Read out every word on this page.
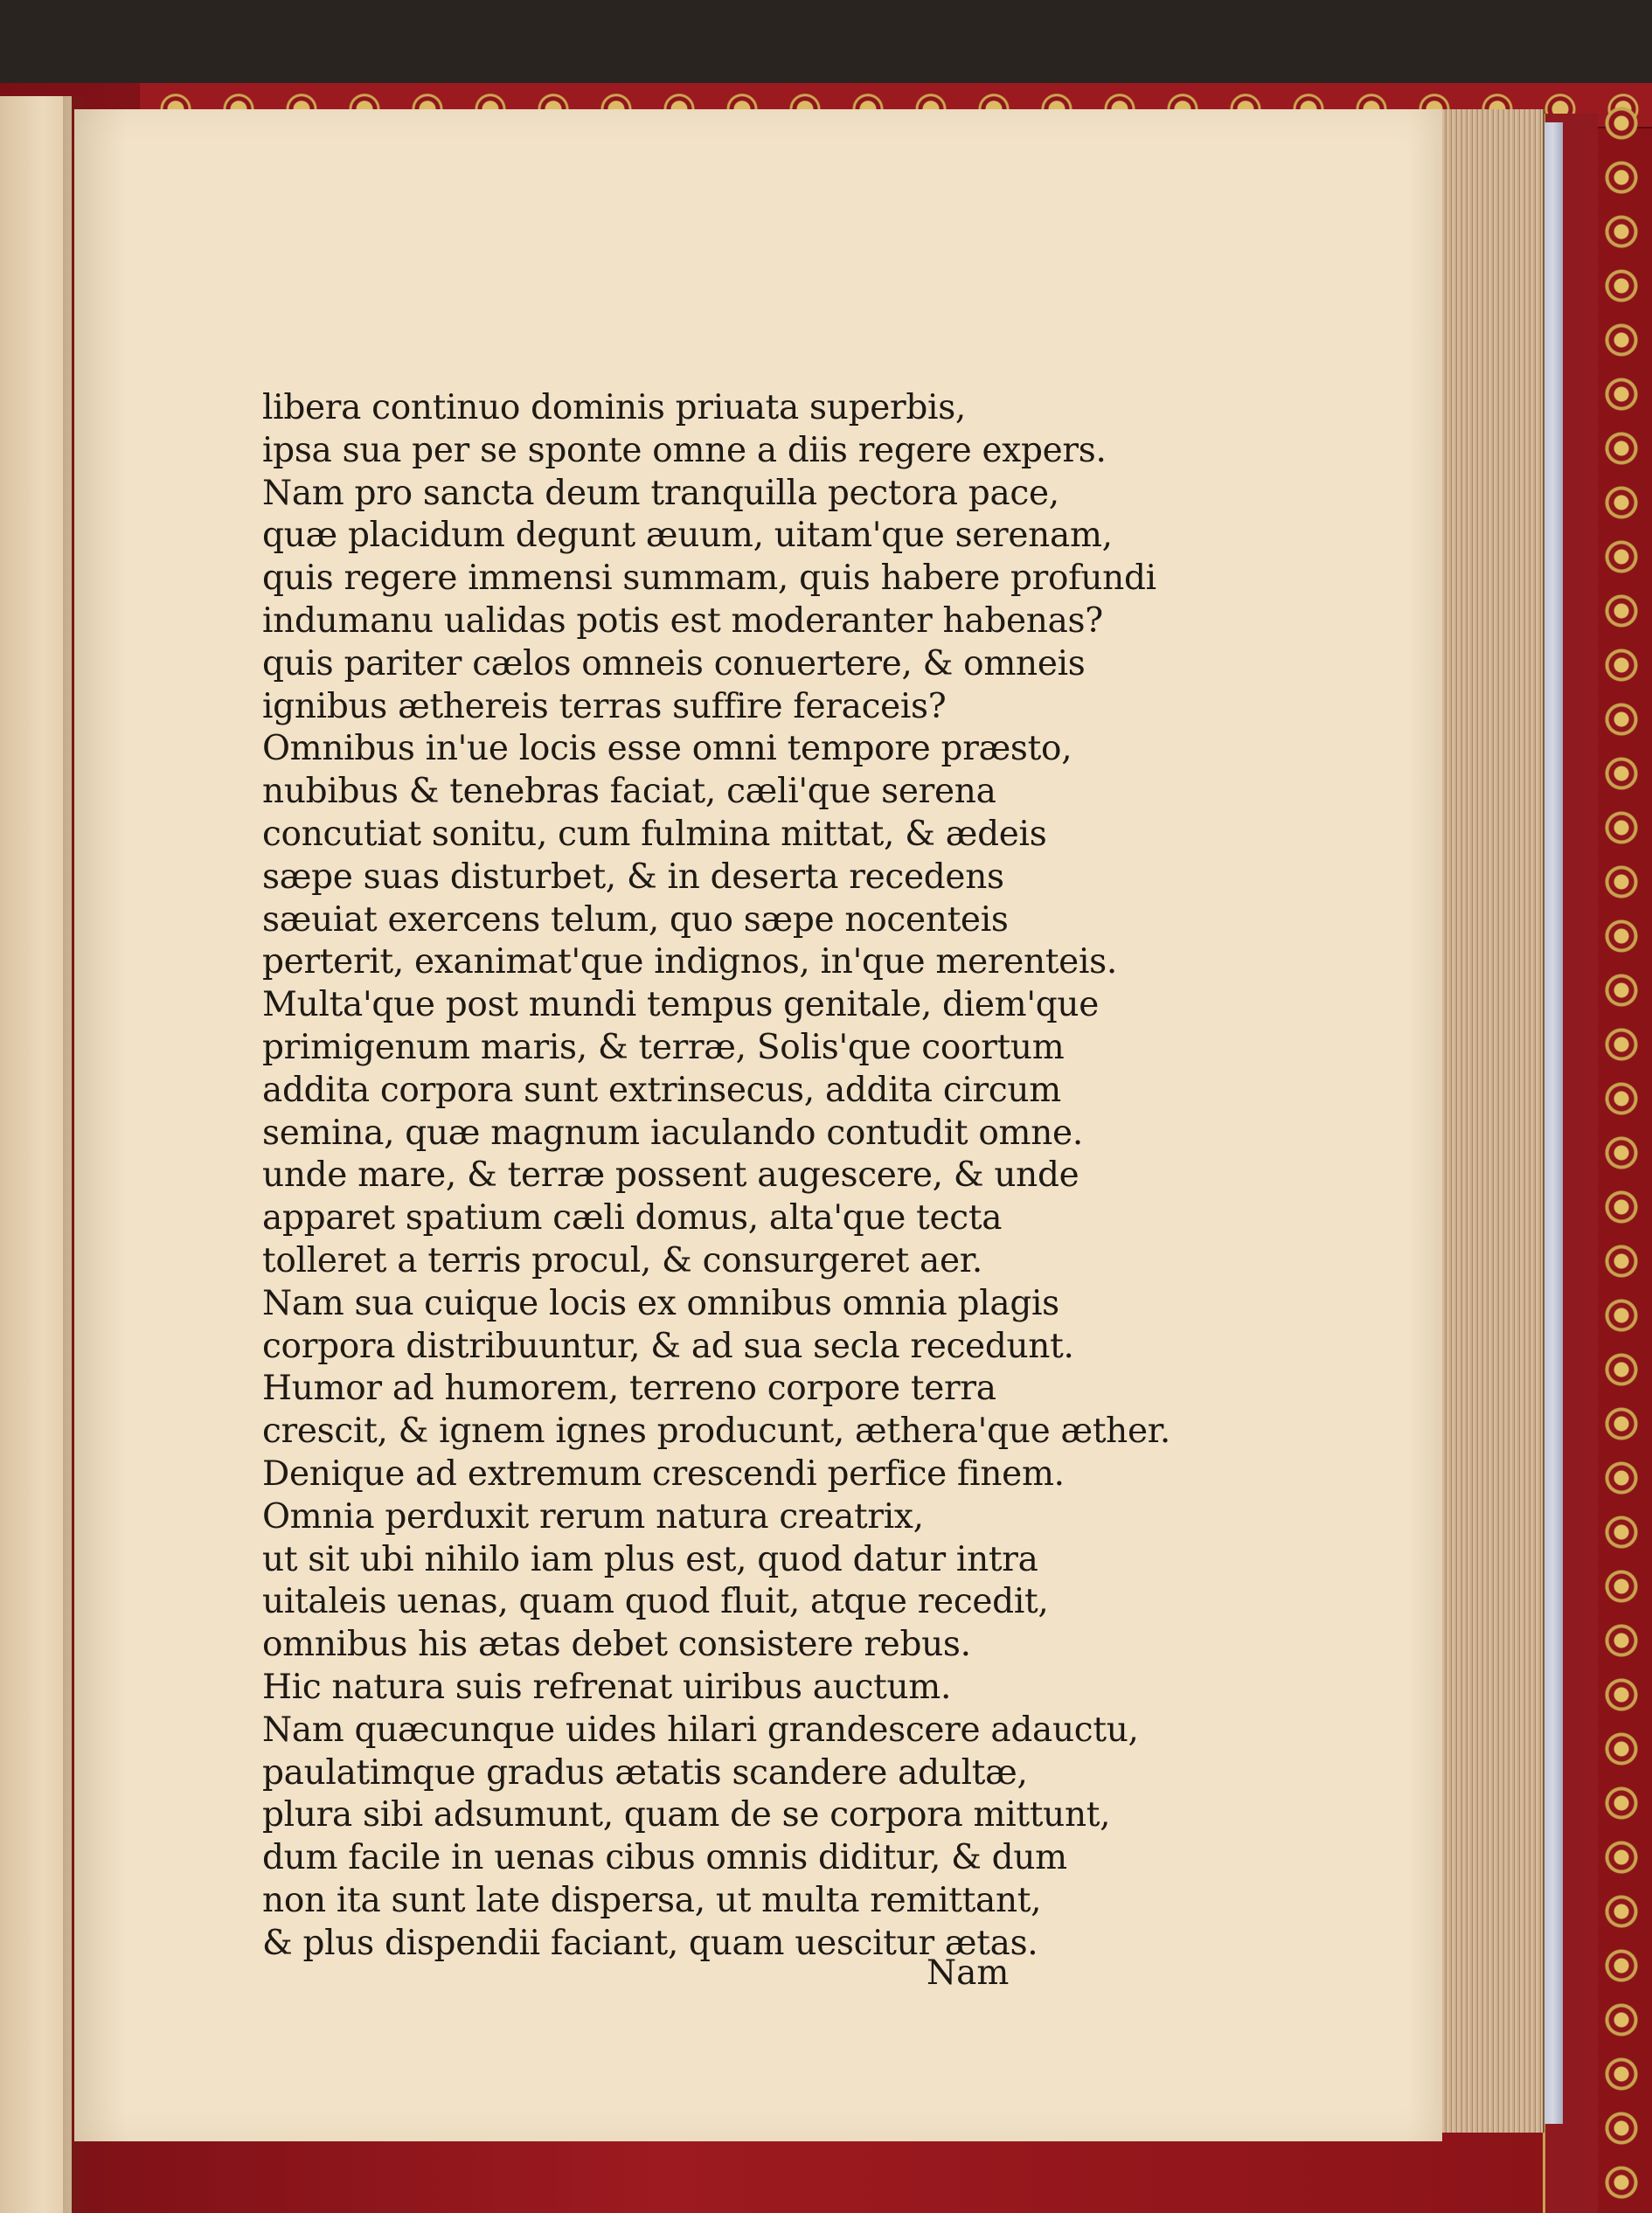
libera continuo dominis priuata superbis,
ipsa sua per se sponte omne a diis regere expers.
Nam pro sancta deum tranquilla pectora pace,
quæ placidum degunt æuum, uitam'que serenam,
quis regere immensi summam, quis habere profundi
indumanu ualidas potis est moderanter habenas?
quis pariter cælos omneis conuertere, & omneis
ignibus æthereis terras suffire feraceis?
Omnibus in'ue locis esse omni tempore præsto,
nubibus & tenebras faciat, cæli'que serena
concutiat sonitu, cum fulmina mittat, & ædeis
sæpe suas disturbet, & in deserta recedens
sæuiat exercens telum, quo sæpe nocenteis
perterit, exanimat'que indignos, in'que merenteis.
Multa'que post mundi tempus genitale, diem'que
primigenum maris, & terræ, Solis'que coortum
addita corpora sunt extrinsecus, addita circum
semina, quæ magnum iaculando contudit omne.
unde mare, & terræ possent augescere, & unde
apparet spatium cæli domus, alta'que tecta
tolleret a terris procul, & consurgeret aer.
Nam sua cuique locis ex omnibus omnia plagis
corpora distribuuntur, & ad sua secla recedunt.
Humor ad humorem, terreno corpore terra
crescit, & ignem ignes producunt, æthera'que æther.
Denique ad extremum crescendi perfice finem.
Omnia perduxit rerum natura creatrix,
ut sit ubi nihilo iam plus est, quod datur intra
uitaleis uenas, quam quod fluit, atque recedit,
omnibus his ætas debet consistere rebus.
Hic natura suis refrenat uiribus auctum.
Nam quæcunque uides hilari grandescere adauctu,
paulatimque gradus ætatis scandere adultæ,
plura sibi adsumunt, quam de se corpora mittunt,
dum facile in uenas cibus omnis diditur, & dum
non ita sunt late dispersa, ut multa remittant,
& plus dispendii faciant, quam uescitur ætas.
Nam
